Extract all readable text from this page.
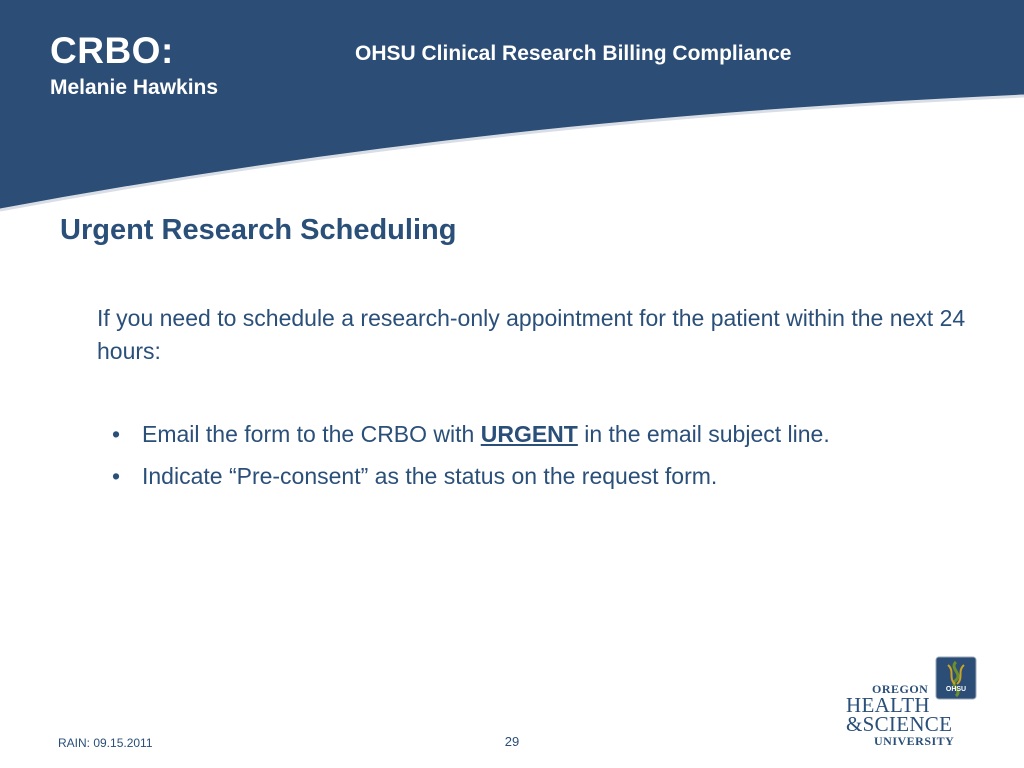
CRBO:
Melanie Hawkins
OHSU Clinical Research Billing Compliance
Urgent Research Scheduling
If you need to schedule a research-only appointment for the patient within the next 24 hours:
• Email the form to the CRBO with URGENT in the email subject line.
• Indicate “Pre-consent” as the status on the request form.
RAIN: 09.15.2011	29
OHSU
OREGON
HEALTH
&SCIENCE
UNIVERSITY
